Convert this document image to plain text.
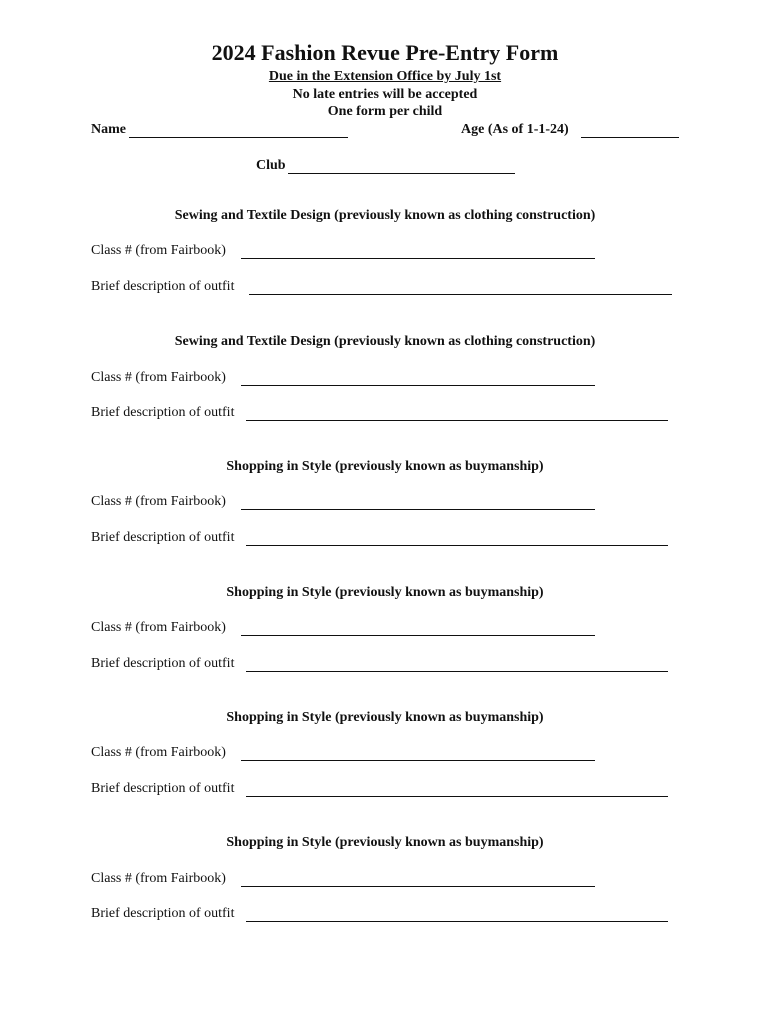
2024 Fashion Revue Pre-Entry Form
Due in the Extension Office by July 1st
No late entries will be accepted
One form per child
Name	Age (As of 1-1-24)
Club
Sewing and Textile Design (previously known as clothing construction)
Class # (from Fairbook)
Brief description of outfit
Sewing and Textile Design (previously known as clothing construction)
Class # (from Fairbook)
Brief description of outfit
Shopping in Style (previously known as buymanship)
Class # (from Fairbook)
Brief description of outfit
Shopping in Style (previously known as buymanship)
Class # (from Fairbook)
Brief description of outfit
Shopping in Style (previously known as buymanship)
Class # (from Fairbook)
Brief description of outfit
Shopping in Style (previously known as buymanship)
Class # (from Fairbook)
Brief description of outfit
